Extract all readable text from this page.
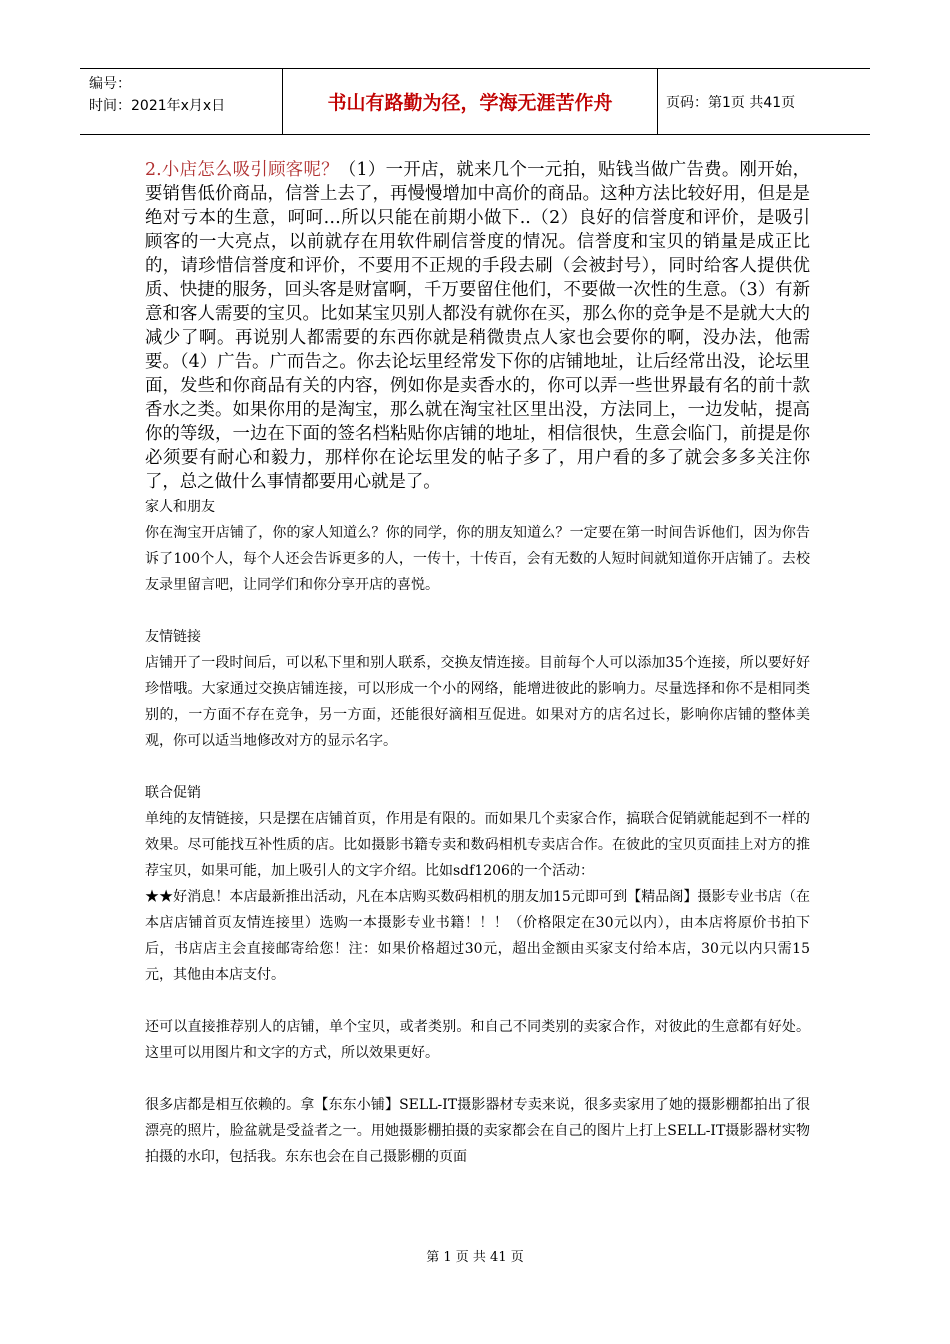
编号：
时间：2021年x月x日	书山有路勤为径，学海无涯苦作舟	页码：第1页 共41页

2.小店怎么吸引顾客呢？（1）一开店，就来几个一元拍，贴钱当做广告费。刚开始，要销售低价商品，信誉上去了，再慢慢增加中高价的商品。这种方法比较好用，但是是绝对亏本的生意，呵呵…所以只能在前期小做下..（2）良好的信誉度和评价，是吸引顾客的一大亮点，以前就存在用软件刷信誉度的情况。信誉度和宝贝的销量是成正比的，请珍惜信誉度和评价，不要用不正规的手段去刷（会被封号），同时给客人提供优质、快捷的服务，回头客是财富啊，千万要留住他们，不要做一次性的生意。（3）有新意和客人需要的宝贝。比如某宝贝别人都没有就你在买，那么你的竞争是不是就大大的减少了啊。再说别人都需要的东西你就是稍微贵点人家也会要你的啊，没办法，他需要。（4）广告。广而告之。你去论坛里经常发下你的店铺地址，让后经常出没，论坛里面，发些和你商品有关的内容，例如你是卖香水的，你可以弄一些世界最有名的前十款香水之类。如果你用的是淘宝，那么就在淘宝社区里出没，方法同上，一边发帖，提高你的等级，一边在下面的签名档粘贴你店铺的地址，相信很快，生意会临门，前提是你必须要有耐心和毅力，那样你在论坛里发的帖子多了，用户看的多了就会多多关注你了，总之做什么事情都要用心就是了。

家人和朋友

你在淘宝开店铺了，你的家人知道么？你的同学，你的朋友知道么？一定要在第一时间告诉他们，因为你告诉了100个人，每个人还会告诉更多的人，一传十，十传百，会有无数的人短时间就知道你开店铺了。去校友录里留言吧，让同学们和你分享开店的喜悦。

友情链接

店铺开了一段时间后，可以私下里和别人联系，交换友情连接。目前每个人可以添加35个连接，所以要好好珍惜哦。大家通过交换店铺连接，可以形成一个小的网络，能增进彼此的影响力。尽量选择和你不是相同类别的，一方面不存在竞争，另一方面，还能很好滴相互促进。如果对方的店名过长，影响你店铺的整体美观，你可以适当地修改对方的显示名字。

联合促销

单纯的友情链接，只是摆在店铺首页，作用是有限的。而如果几个卖家合作，搞联合促销就能起到不一样的效果。尽可能找互补性质的店。比如摄影书籍专卖和数码相机专卖店合作。在彼此的宝贝页面挂上对方的推荐宝贝，如果可能，加上吸引人的文字介绍。比如sdf1206的一个活动：

★★好消息！本店最新推出活动，凡在本店购买数码相机的朋友加15元即可到【精品阁】摄影专业书店（在本店店铺首页友情连接里）选购一本摄影专业书籍！！！（价格限定在30元以内），由本店将原价书拍下后，书店店主会直接邮寄给您！注：如果价格超过30元，超出金额由买家支付给本店，30元以内只需15元，其他由本店支付。

还可以直接推荐别人的店铺，单个宝贝，或者类别。和自己不同类别的卖家合作，对彼此的生意都有好处。这里可以用图片和文字的方式，所以效果更好。

很多店都是相互依赖的。拿【东东小铺】SELL-IT摄影器材专卖来说，很多卖家用了她的摄影棚都拍出了很漂亮的照片，脸盆就是受益者之一。用她摄影棚拍摄的卖家都会在自己的图片上打上SELL-IT摄影器材实物拍摄的水印，包括我。东东也会在自己摄影棚的页面

第 1 页 共 41 页
